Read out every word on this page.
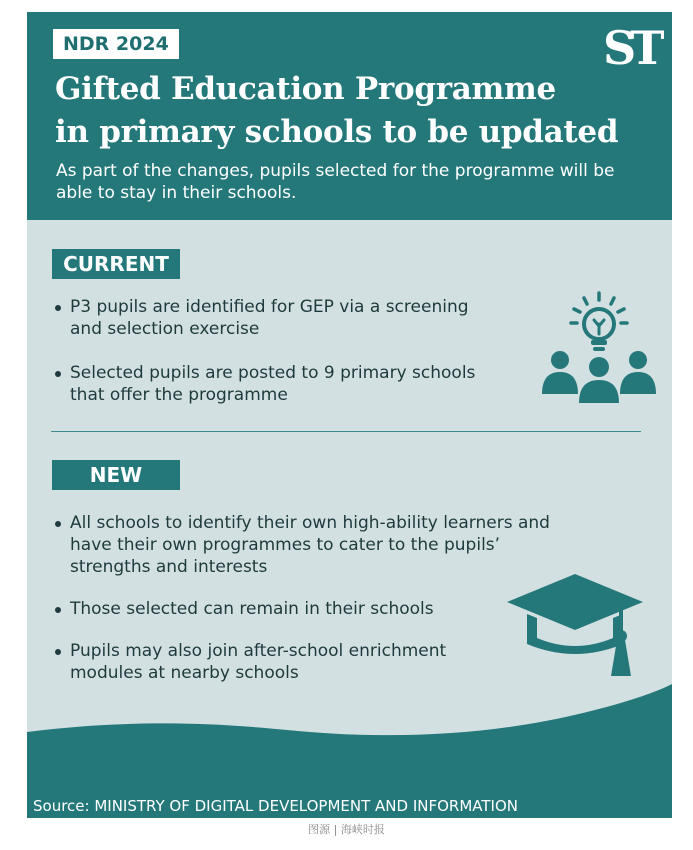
NDR 2024	ST
Gifted Education Programme
in primary schools to be updated

As part of the changes, pupils selected for the programme will be able to stay in their schools.

CURRENT
P3 pupils are identified for GEP via a screening
and selection exercise
Selected pupils are posted to 9 primary schools
that offer the programme
NEW
All schools to identify their own high-ability learners and
have their own programmes to cater to the pupils’
strengths and interests
Those selected can remain in their schools
Pupils may also join after-school enrichment
modules at nearby schools
Source: MINISTRY OF DIGITAL DEVELOPMENT AND INFORMATION
图源 | 海峡时报
